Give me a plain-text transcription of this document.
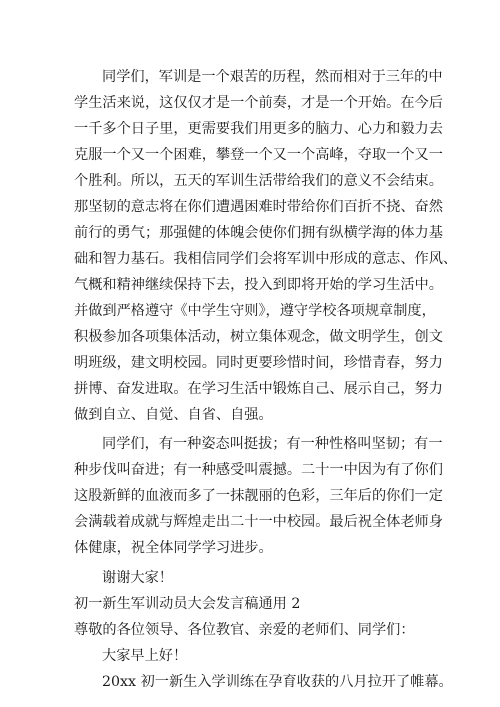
同学们，军训是一个艰苦的历程，然而相对于三年的中
学生活来说，这仅仅才是一个前奏，才是一个开始。在今后
一千多个日子里，更需要我们用更多的脑力、心力和毅力去
克服一个又一个困难，攀登一个又一个高峰，夺取一个又一
个胜利。所以，五天的军训生活带给我们的意义不会结束。
那坚韧的意志将在你们遭遇困难时带给你们百折不挠、奋然
前行的勇气；那强健的体魄会使你们拥有纵横学海的体力基
础和智力基石。我相信同学们会将军训中形成的意志、作风、
气概和精神继续保持下去，投入到即将开始的学习生活中。
并做到严格遵守《中学生守则》，遵守学校各项规章制度，
积极参加各项集体活动，树立集体观念，做文明学生，创文
明班级，建文明校园。同时更要珍惜时间，珍惜青春，努力
拼博、奋发进取。在学习生活中锻炼自己、展示自己，努力
做到自立、自觉、自省、自强。
同学们，有一种姿态叫挺拔；有一种性格叫坚韧；有一
种步伐叫奋进；有一种感受叫震撼。二十一中因为有了你们
这股新鲜的血液而多了一抹靓丽的色彩，三年后的你们一定
会满载着成就与辉煌走出二十一中校园。最后祝全体老师身
体健康，祝全体同学学习进步。
谢谢大家！
初一新生军训动员大会发言稿通用 2
尊敬的各位领导、各位教官、亲爱的老师们、同学们：
大家早上好！
20xx 初一新生入学训练在孕育收获的八月拉开了帷幕。
